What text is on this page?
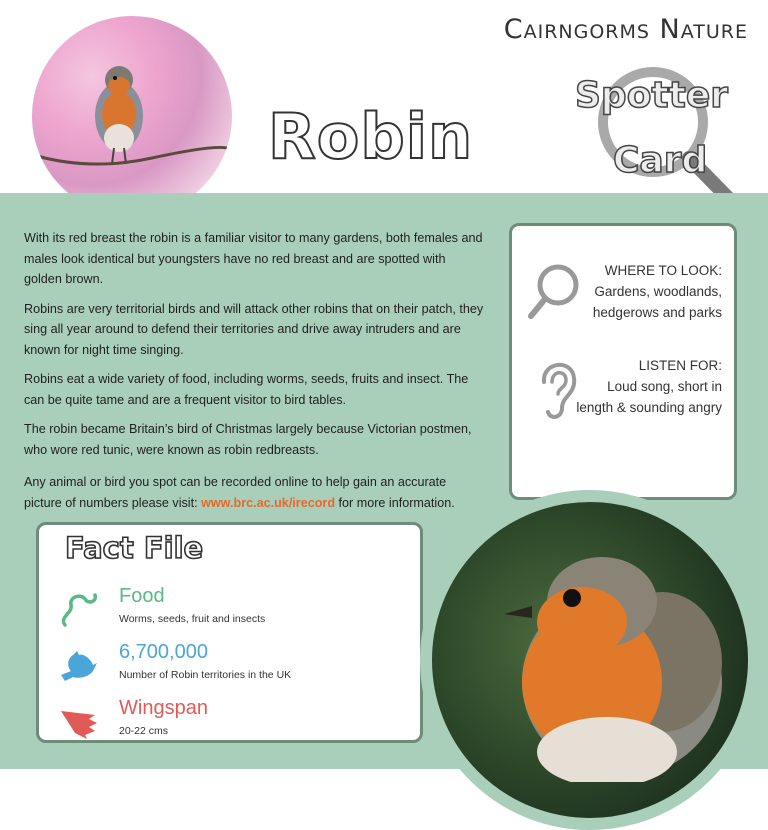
Cairngorms Nature
Robin
Spotter
Card

With its red breast the robin is a familiar visitor to many gardens, both females and males look identical but youngsters have no red breast and are spotted with golden brown.

Robins are very territorial birds and will attack other robins that on their patch, they sing all year around to defend their territories and drive away intruders and are known for night time singing.

Robins eat a wide variety of food, including worms, seeds, fruits and insect. The can be quite tame and are a frequent visitor to bird tables.

The robin became Britain’s bird of Christmas largely because Victorian postmen, who wore red tunic, were known as robin redbreasts.

Any animal or bird you spot can be recorded online to help gain an accurate picture of numbers please visit: www.brc.ac.uk/irecord for more information.

WHERE TO LOOK:
Gardens, woodlands, hedgerows and parks
LISTEN FOR:
Loud song, short in length & sounding angry
Fact File
Food
Worms, seeds, fruit and insects
6,700,000
Number of Robin territories in the UK
Wingspan
20-22 cms
